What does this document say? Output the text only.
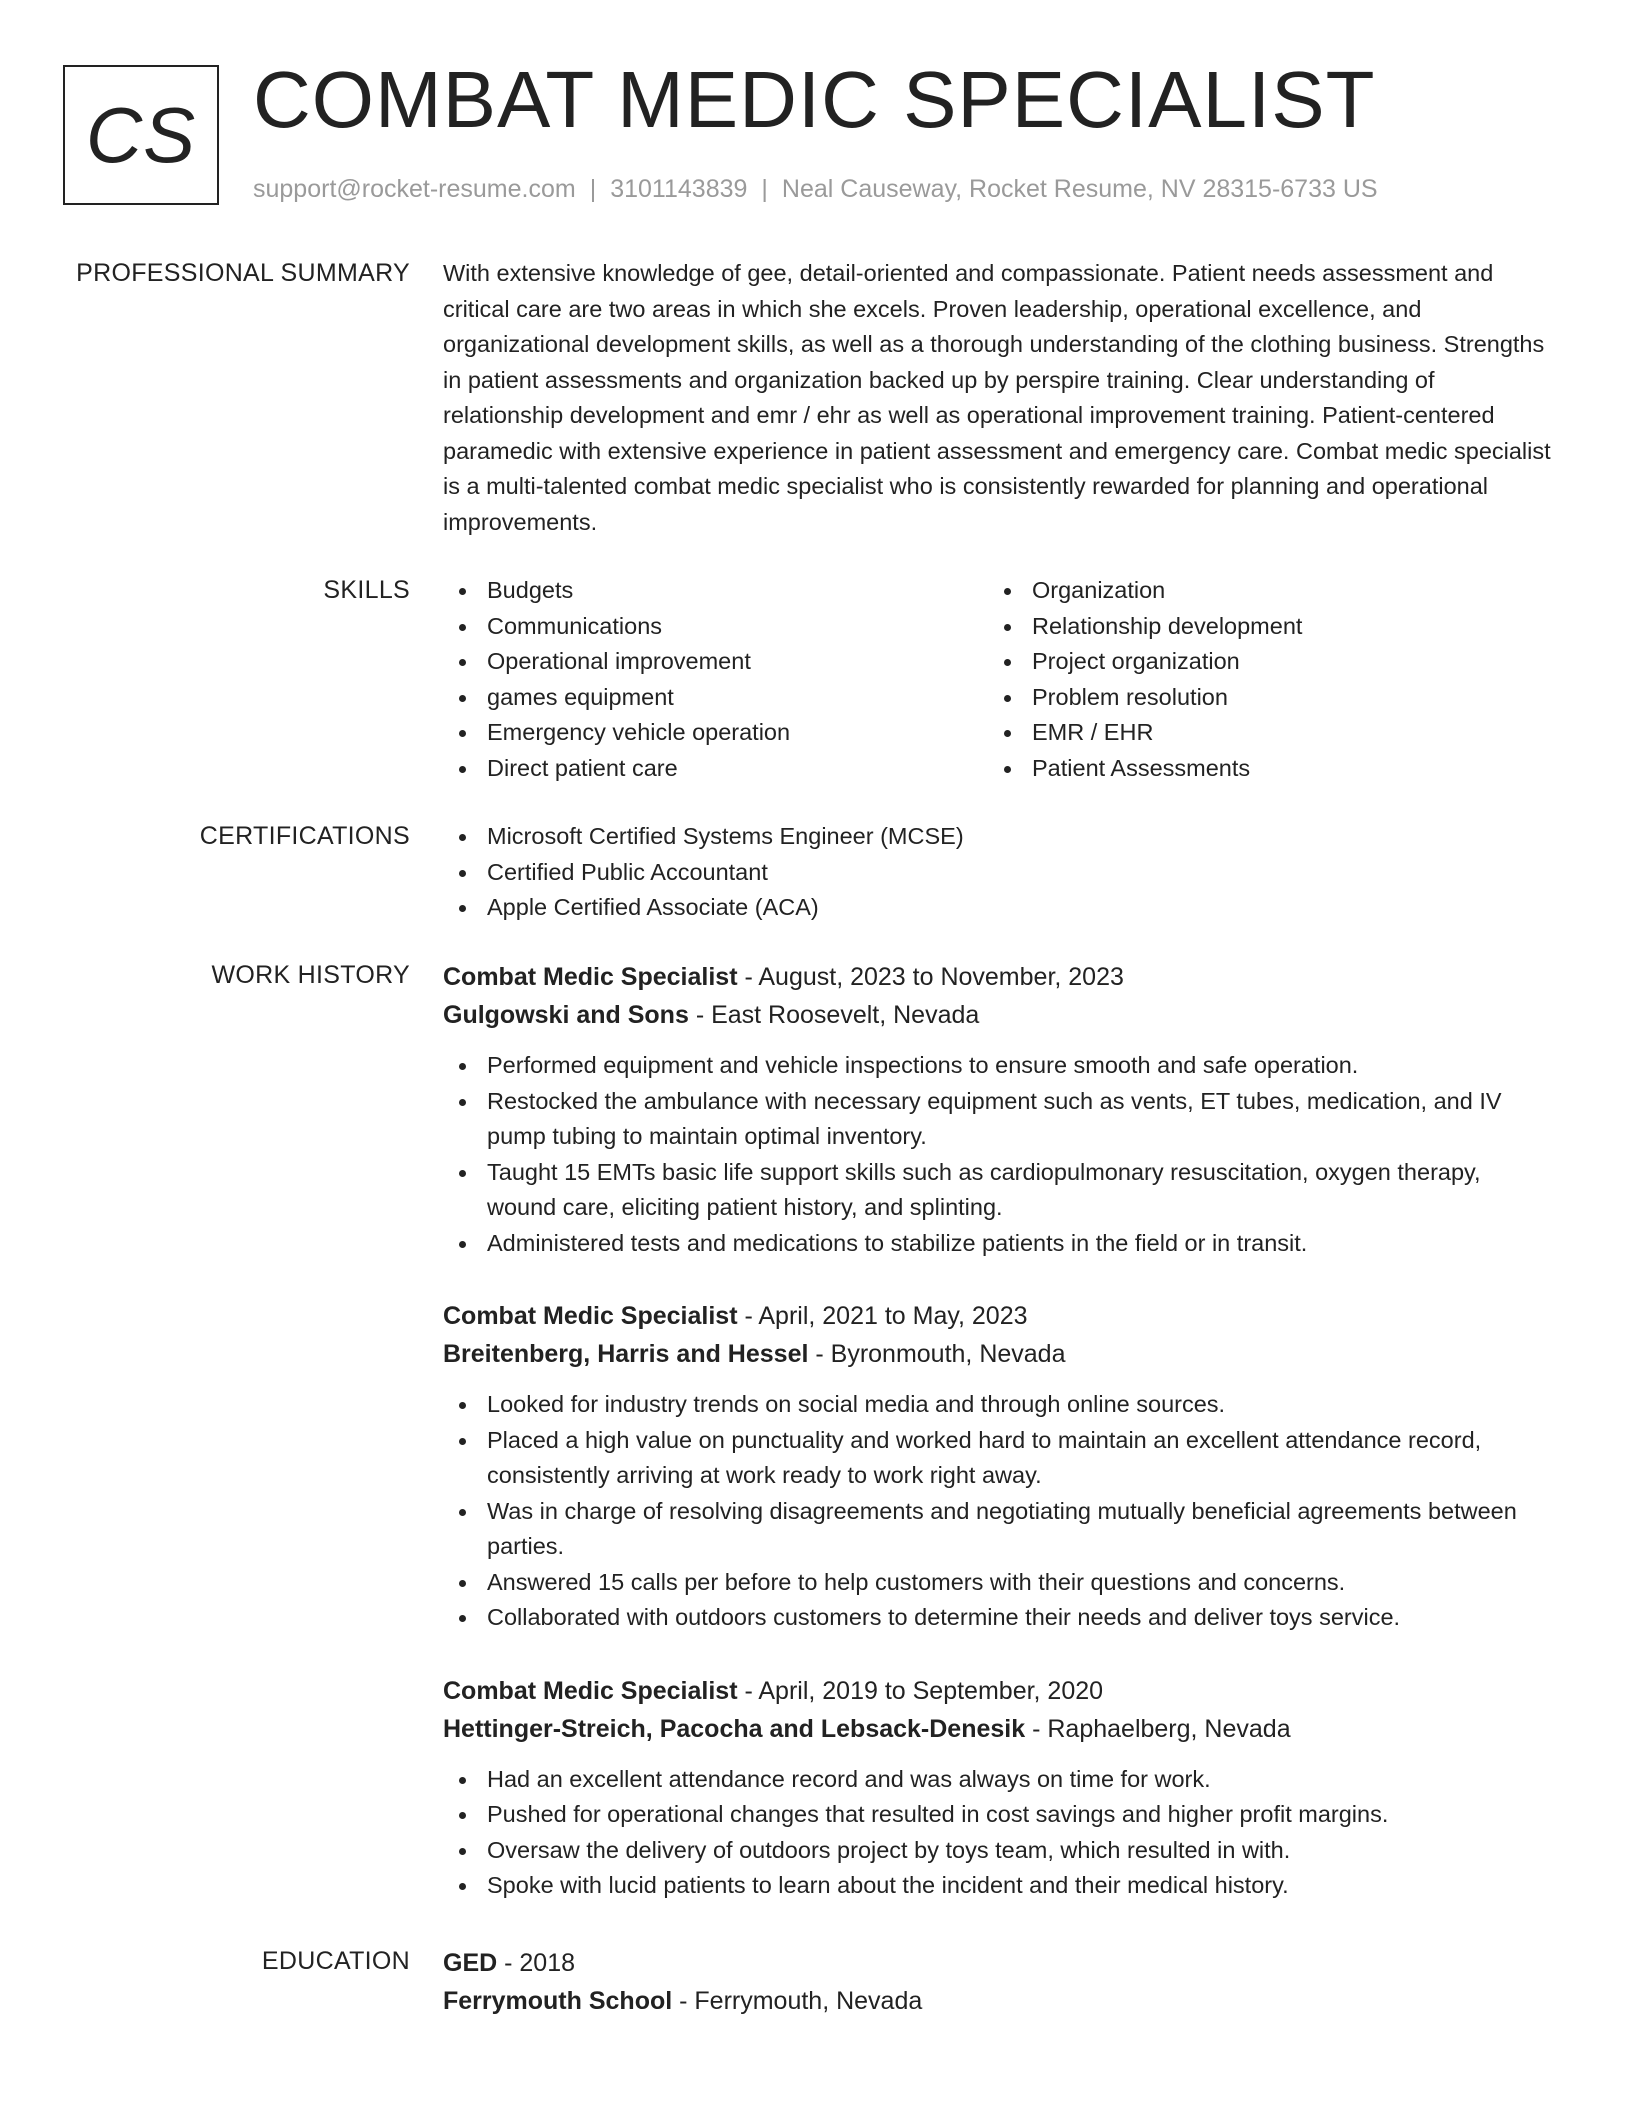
CS COMBAT MEDIC SPECIALIST
support@rocket-resume.com | 3101143839 | Neal Causeway, Rocket Resume, NV 28315-6733 US
PROFESSIONAL SUMMARY With extensive knowledge of gee, detail-oriented and compassionate. Patient needs assessment and critical care are two areas in which she excels. Proven leadership, operational excellence, and organizational development skills, as well as a thorough understanding of the clothing business. Strengths in patient assessments and organization backed up by perspire training. Clear understanding of relationship development and emr / ehr as well as operational improvement training. Patient-centered paramedic with extensive experience in patient assessment and emergency care. Combat medic specialist is a multi-talented combat medic specialist who is consistently rewarded for planning and operational improvements.

SKILLS	Budgets
Communications
Operational improvement
games equipment
Emergency vehicle operation
Direct patient care
Organization
Relationship development
Project organization
Problem resolution
EMR / EHR
Patient Assessments
CERTIFICATIONS	Microsoft Certified Systems Engineer (MCSE)
Certified Public Accountant
Apple Certified Associate (ACA)
WORK HISTORY Combat Medic Specialist - August, 2023 to November, 2023
Gulgowski and Sons - East Roosevelt, Nevada
Performed equipment and vehicle inspections to ensure smooth and safe operation.
Restocked the ambulance with necessary equipment such as vents, ET tubes, medication, and IV pump tubing to maintain optimal inventory.
Taught 15 EMTs basic life support skills such as cardiopulmonary resuscitation, oxygen therapy, wound care, eliciting patient history, and splinting.
Administered tests and medications to stabilize patients in the field or in transit.
Combat Medic Specialist - April, 2021 to May, 2023
Breitenberg, Harris and Hessel - Byronmouth, Nevada
Looked for industry trends on social media and through online sources.
Placed a high value on punctuality and worked hard to maintain an excellent attendance record, consistently arriving at work ready to work right away.
Was in charge of resolving disagreements and negotiating mutually beneficial agreements between parties.
Answered 15 calls per before to help customers with their questions and concerns.
Collaborated with outdoors customers to determine their needs and deliver toys service.
Combat Medic Specialist - April, 2019 to September, 2020
Hettinger-Streich, Pacocha and Lebsack-Denesik - Raphaelberg, Nevada
Had an excellent attendance record and was always on time for work.
Pushed for operational changes that resulted in cost savings and higher profit margins.
Oversaw the delivery of outdoors project by toys team, which resulted in with.
Spoke with lucid patients to learn about the incident and their medical history.
EDUCATION GED - 2018
Ferrymouth School - Ferrymouth, Nevada
